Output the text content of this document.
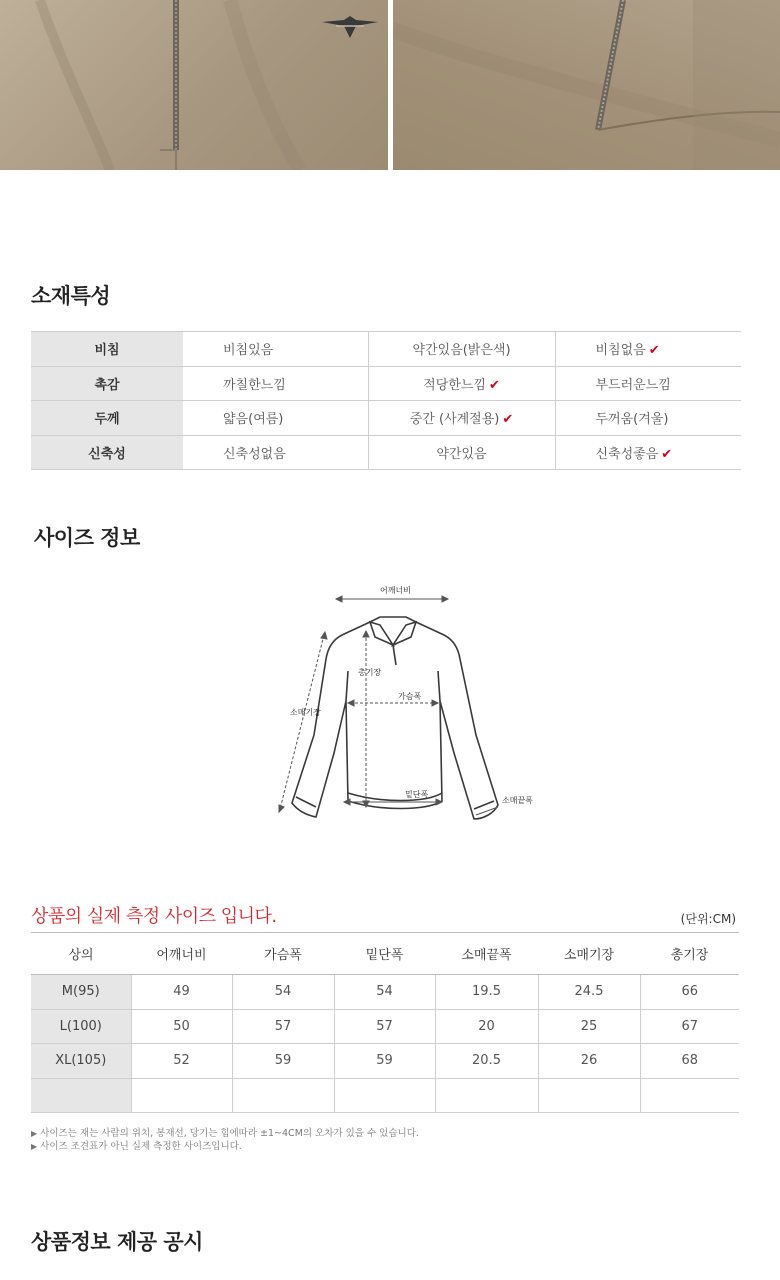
소재특성
비침	비침있음	약간있음(밝은색)	비침없음 ✔
촉감	까칠한느낌	적당한느낌 ✔	부드러운느낌
두께	얇음(여름)	중간 (사계절용) ✔	두꺼움(겨울)
신축성	신축성없음	약간있음	신축성좋음 ✔
사이즈 정보
어깨너비
총기장
가슴폭
소매기장
밑단폭
소매끝폭
상품의 실제 측정 사이즈 입니다.	(단위:CM)
상의	어깨너비	가슴폭	밑단폭	소매끝폭	소매기장	총기장
M(95)	49	54	54	19.5	24.5	66
L(100)	50	57	57	20	25	67
XL(105)	52	59	59	20.5	26	68

▶ 사이즈는 재는 사람의 위치, 봉재선, 당기는 힘에따라 ±1~4CM의 오차가 있을 수 있습니다.
▶ 사이즈 조견표가 아닌 실제 측정한 사이즈입니다.
상품정보 제공 공시
